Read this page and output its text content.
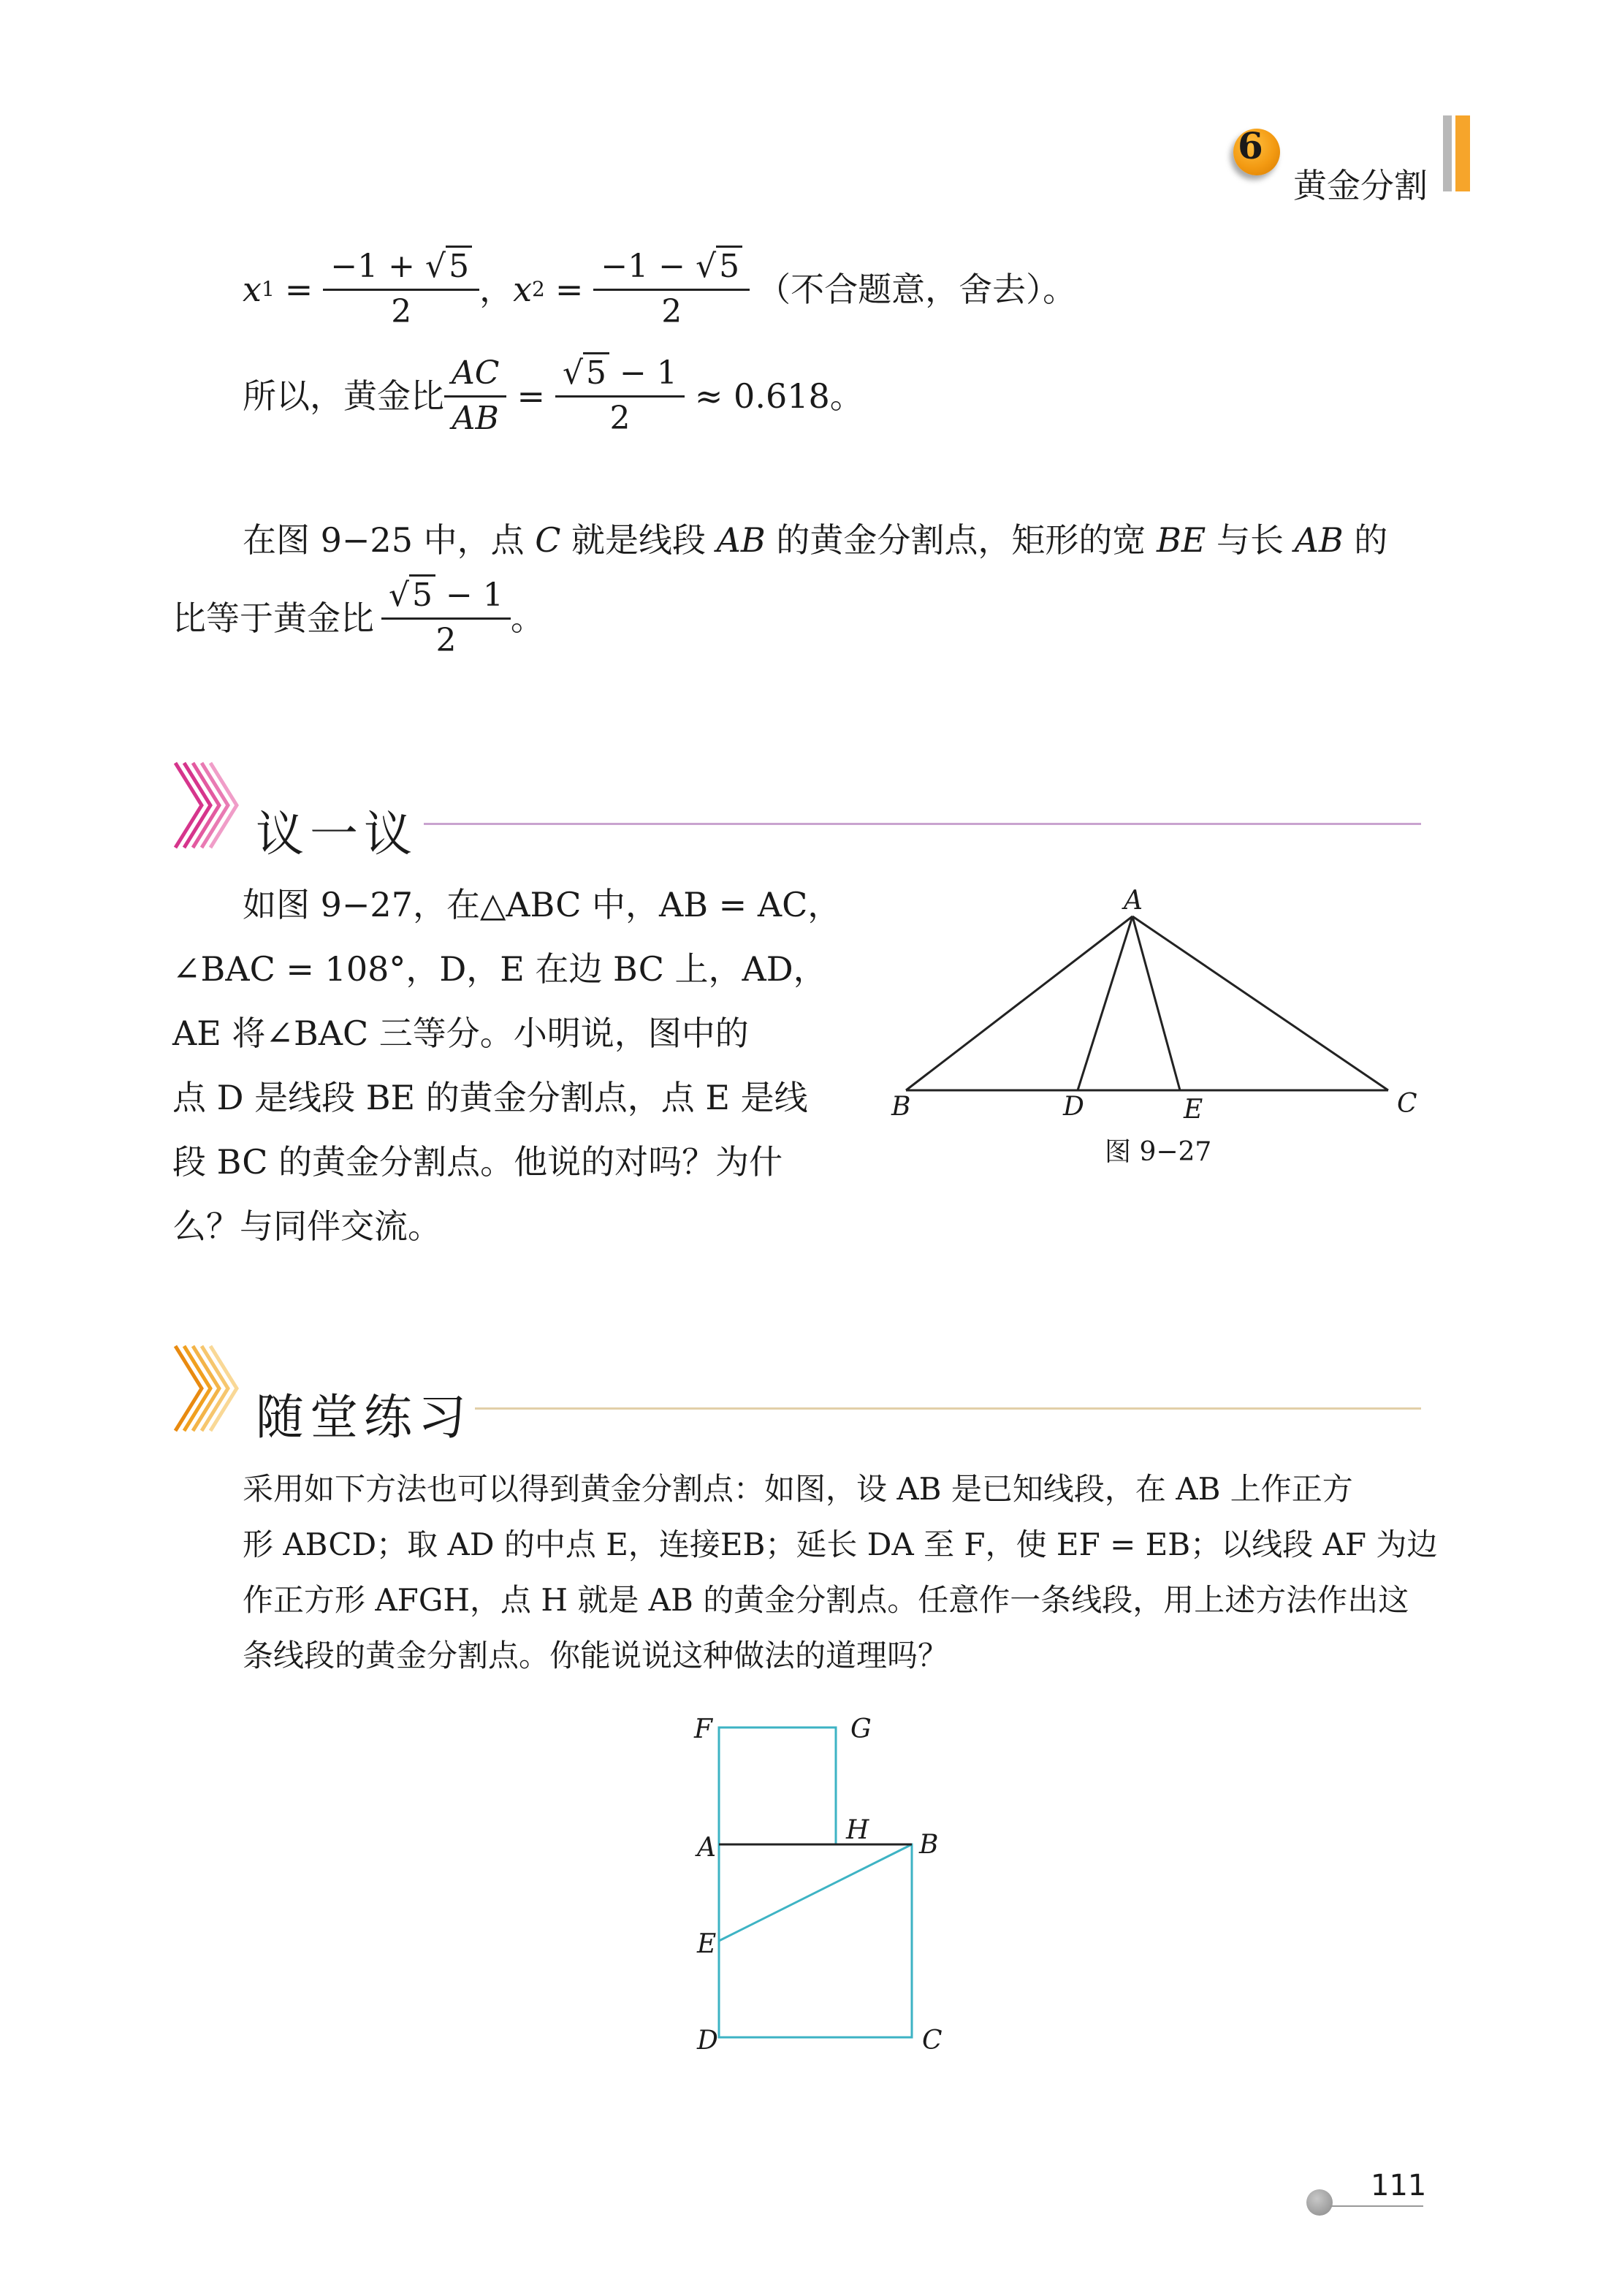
6
黄金分割
x $1 = \frac{-1 + √5}{2}$ ， x $2 = \frac{-1 - √5}{2}$ （不合题意，舍去）。
所以，黄金比 $\frac{AC}{AB} = \frac{√5 - 1}{2} \approx 0.618$。
在图 9−25 中，点 C 就是线段 AB 的黄金分割点，矩形的宽 BE 与长 AB 的
比等于黄金比 $\frac{√5 - 1}{2}$ 。
议一议
如图 9−27，在△ABC 中，AB = AC，
∠BAC = 108°，D，E 在边 BC 上，AD，
AE 将∠BAC 三等分。小明说，图中的
点 D 是线段 BE 的黄金分割点，点 E 是线
段 BC 的黄金分割点。他说的对吗？为什
么？与同伴交流。
A
B	D	E	C
图 9−27
随堂练习
采用如下方法也可以得到黄金分割点：如图，设 AB 是已知线段，在 AB 上作正方
形 ABCD；取 AD 的中点 E，连接EB；延长 DA 至 F，使 EF = EB；以线段 AF 为边
作正方形 AFGH，点 H 就是 AB 的黄金分割点。任意作一条线段，用上述方法作出这
条线段的黄金分割点。你能说说这种做法的道理吗？
F	G
A
H B
E
D	C
111
